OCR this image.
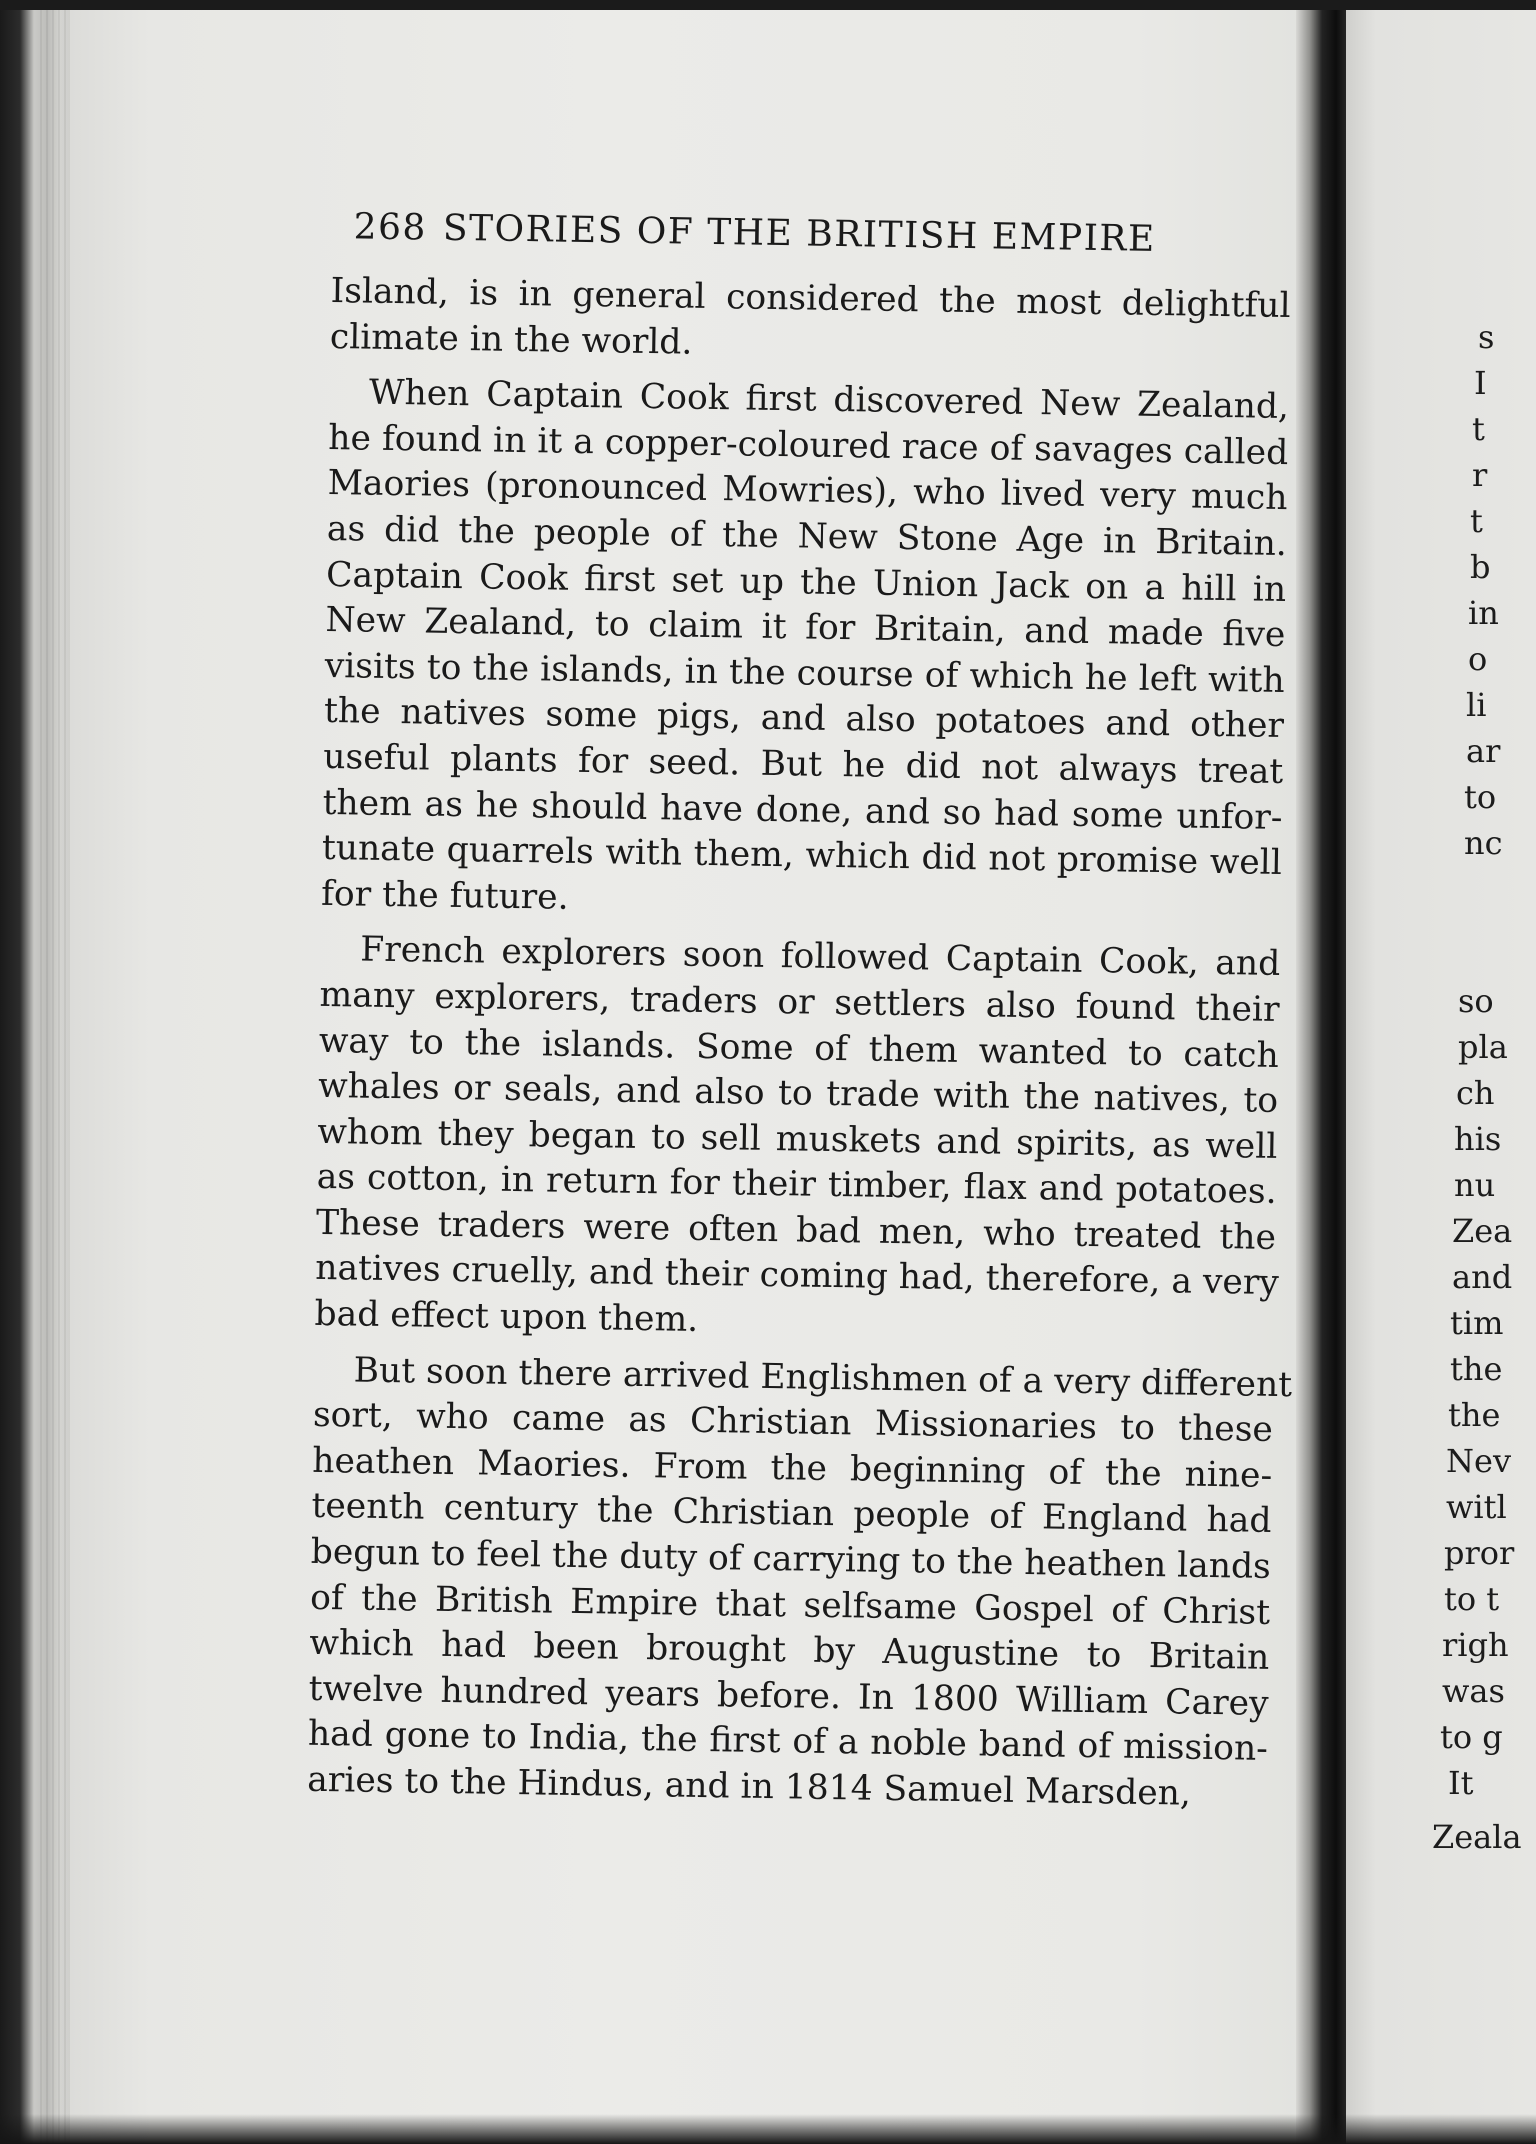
268 STORIES OF THE BRITISH EMPIRE
Island, is in general considered the most delightful
climate in the world.
When Captain Cook first discovered New Zealand,
he found in it a copper-coloured race of savages called
Maories (pronounced Mowries), who lived very much
as did the people of the New Stone Age in Britain.
Captain Cook first set up the Union Jack on a hill in
New Zealand, to claim it for Britain, and made five
visits to the islands, in the course of which he left with
the natives some pigs, and also potatoes and other
useful plants for seed. But he did not always treat
them as he should have done, and so had some unfor-
tunate quarrels with them, which did not promise well
for the future.
French explorers soon followed Captain Cook, and
many explorers, traders or settlers also found their
way to the islands. Some of them wanted to catch
whales or seals, and also to trade with the natives, to
whom they began to sell muskets and spirits, as well
as cotton, in return for their timber, flax and potatoes.
These traders were often bad men, who treated the
natives cruelly, and their coming had, therefore, a very
bad effect upon them.
But soon there arrived Englishmen of a very different
sort, who came as Christian Missionaries to these
heathen Maories. From the beginning of the nine-
teenth century the Christian people of England had
begun to feel the duty of carrying to the heathen lands
of the British Empire that selfsame Gospel of Christ
which had been brought by Augustine to Britain
twelve hundred years before. In 1800 William Carey
had gone to India, the first of a noble band of mission-
aries to the Hindus, and in 1814 Samuel Marsden,
s
I
t
r
t
b
in
o
li
ar
to
nc
so
pla
ch
his
nu
Zea
and
tim
the
the
Nev
witl
pror
to t
righ
was
to g
It
Zeala
